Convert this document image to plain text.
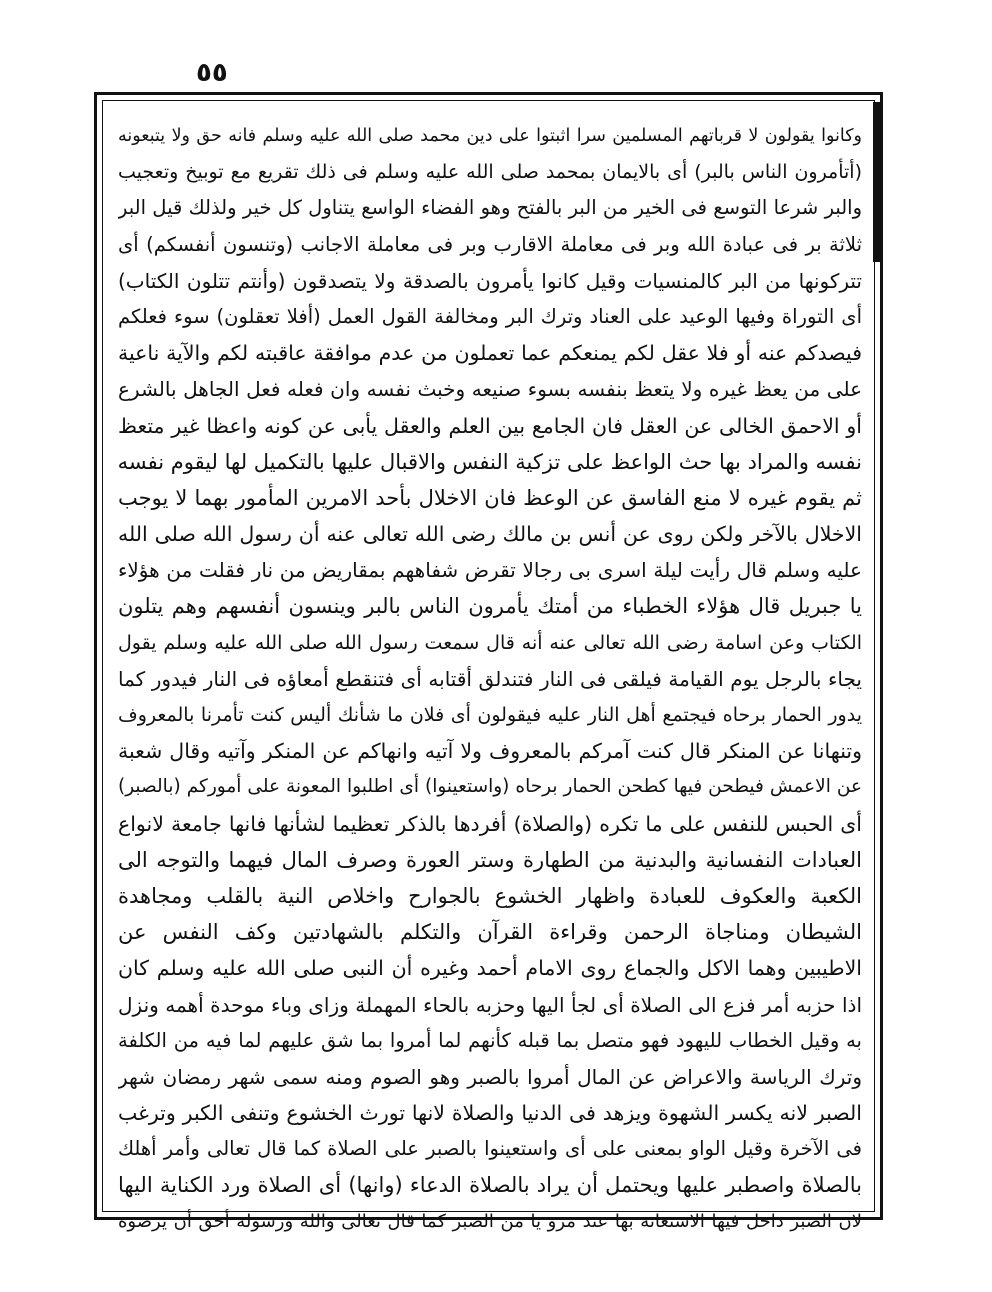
٥٥
وكانوا يقولون لا قرباتهم المسلمين سرا اثبتوا على دين محمد صلى الله عليه وسلم فانه حق ولا يتبعونه
(أتأمرون الناس بالبر) أى بالايمان بمحمد صلى الله عليه وسلم فى ذلك تقريع مع توبيخ وتعجيب
والبر شرعا التوسع فى الخير من البر بالفتح وهو الفضاء الواسع يتناول كل خير ولذلك قيل البر
ثلاثة بر فى عبادة الله وبر فى معاملة الاقارب وبر فى معاملة الاجانب (وتنسون أنفسكم) أى
تتركونها من البر كالمنسيات وقيل كانوا يأمرون بالصدقة ولا يتصدقون (وأنتم تتلون الكتاب)
أى التوراة وفيها الوعيد على العناد وترك البر ومخالفة القول العمل (أفلا تعقلون) سوء فعلكم
فيصدكم عنه أو فلا عقل لكم يمنعكم عما تعملون من عدم موافقة عاقبته لكم والآية ناعية
على من يعظ غيره ولا يتعظ بنفسه بسوء صنيعه وخبث نفسه وان فعله فعل الجاهل بالشرع
أو الاحمق الخالى عن العقل فان الجامع بين العلم والعقل يأبى عن كونه واعظا غير متعظ
نفسه والمراد بها حث الواعظ على تزكية النفس والاقبال عليها بالتكميل لها ليقوم نفسه
ثم يقوم غيره لا منع الفاسق عن الوعظ فان الاخلال بأحد الامرين المأمور بهما لا يوجب
الاخلال بالآخر ولكن روى عن أنس بن مالك رضى الله تعالى عنه أن رسول الله صلى الله
عليه وسلم قال رأيت ليلة اسرى بى رجالا تقرض شفاههم بمقاريض من نار فقلت من هؤلاء
يا جبريل قال هؤلاء الخطباء من أمتك يأمرون الناس بالبر وينسون أنفسهم وهم يتلون
الكتاب وعن اسامة رضى الله تعالى عنه أنه قال سمعت رسول الله صلى الله عليه وسلم يقول
يجاء بالرجل يوم القيامة فيلقى فى النار فتندلق أقتابه أى فتنقطع أمعاؤه فى النار فيدور كما
يدور الحمار برحاه فيجتمع أهل النار عليه فيقولون أى فلان ما شأنك أليس كنت تأمرنا بالمعروف
وتنهانا عن المنكر قال كنت آمركم بالمعروف ولا آتيه وانهاكم عن المنكر وآتيه وقال شعبة
عن الاعمش فيطحن فيها كطحن الحمار برحاه (واستعينوا) أى اطلبوا المعونة على أموركم (بالصبر)
أى الحبس للنفس على ما تكره (والصلاة) أفردها بالذكر تعظيما لشأنها فانها جامعة لانواع
العبادات النفسانية والبدنية من الطهارة وستر العورة وصرف المال فيهما والتوجه الى
الكعبة والعكوف للعبادة واظهار الخشوع بالجوارح واخلاص النية بالقلب ومجاهدة
الشيطان ومناجاة الرحمن وقراءة القرآن والتكلم بالشهادتين وكف النفس عن
الاطيبين وهما الاكل والجماع روى الامام أحمد وغيره أن النبى صلى الله عليه وسلم كان
اذا حزبه أمر فزع الى الصلاة أى لجأ اليها وحزبه بالحاء المهملة وزاى وباء موحدة أهمه ونزل
به وقيل الخطاب لليهود فهو متصل بما قبله كأنهم لما أمروا بما شق عليهم لما فيه من الكلفة
وترك الرياسة والاعراض عن المال أمروا بالصبر وهو الصوم ومنه سمى شهر رمضان شهر
الصبر لانه يكسر الشهوة ويزهد فى الدنيا والصلاة لانها تورث الخشوع وتنفى الكبر وترغب
فى الآخرة وقيل الواو بمعنى على أى واستعينوا بالصبر على الصلاة كما قال تعالى وأمر أهلك
بالصلاة واصطبر عليها ويحتمل أن يراد بالصلاة الدعاء (وانها) أى الصلاة ورد الكناية اليها
لان الصبر داخل فيها الاستعانة بها عند مرو يا من الصبر كما قال تعالى والله ورسوله أحق أن يرضوه
